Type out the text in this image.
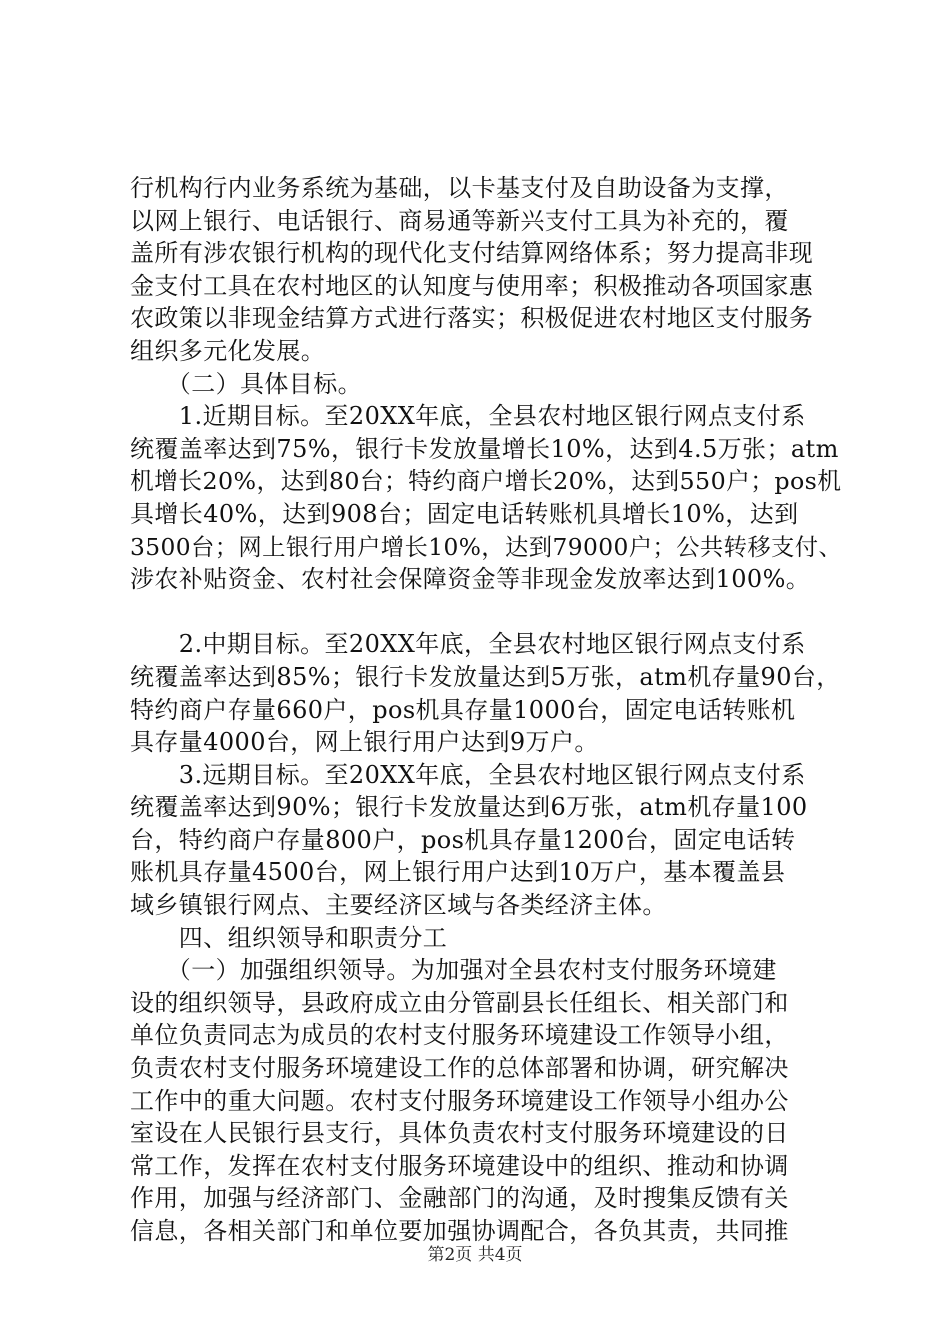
行机构行内业务系统为基础，以卡基支付及自助设备为支撑，
以网上银行、电话银行、商易通等新兴支付工具为补充的，覆
盖所有涉农银行机构的现代化支付结算网络体系；努力提高非现
金支付工具在农村地区的认知度与使用率；积极推动各项国家惠
农政策以非现金结算方式进行落实；积极促进农村地区支付服务
组织多元化发展。
　　（二）具体目标。
　　1.近期目标。至20XX年底，全县农村地区银行网点支付系
统覆盖率达到75%，银行卡发放量增长10%，达到4.5万张；atm
机增长20%，达到80台；特约商户增长20%，达到550户；pos机
具增长40%，达到908台；固定电话转账机具增长10%，达到
3500台；网上银行用户增长10%，达到79000户；公共转移支付、
涉农补贴资金、农村社会保障资金等非现金发放率达到100%。
　　2.中期目标。至20XX年底，全县农村地区银行网点支付系
统覆盖率达到85%；银行卡发放量达到5万张，atm机存量90台，
特约商户存量660户，pos机具存量1000台，固定电话转账机
具存量4000台，网上银行用户达到9万户。
　　3.远期目标。至20XX年底，全县农村地区银行网点支付系
统覆盖率达到90%；银行卡发放量达到6万张，atm机存量100
台，特约商户存量800户，pos机具存量1200台，固定电话转
账机具存量4500台，网上银行用户达到10万户，基本覆盖县
域乡镇银行网点、主要经济区域与各类经济主体。
　　四、组织领导和职责分工
　　（一）加强组织领导。为加强对全县农村支付服务环境建
设的组织领导，县政府成立由分管副县长任组长、相关部门和
单位负责同志为成员的农村支付服务环境建设工作领导小组，
负责农村支付服务环境建设工作的总体部署和协调，研究解决
工作中的重大问题。农村支付服务环境建设工作领导小组办公
室设在人民银行县支行，具体负责农村支付服务环境建设的日
常工作，发挥在农村支付服务环境建设中的组织、推动和协调
作用，加强与经济部门、金融部门的沟通，及时搜集反馈有关
信息，各相关部门和单位要加强协调配合，各负其责，共同推
第2页 共4页
